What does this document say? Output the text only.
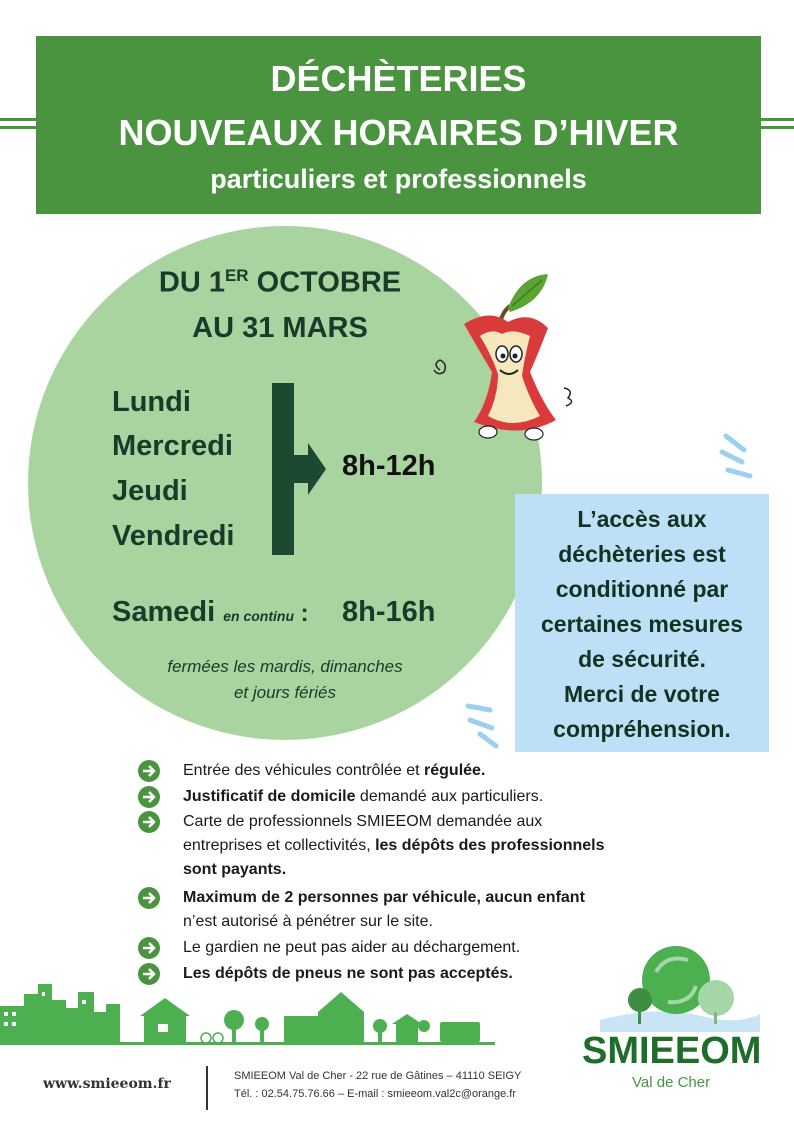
DÉCHÈTERIES
NOUVEAUX HORAIRES D’HIVER
particuliers et professionnels
DU 1ER OCTOBRE
AU 31 MARS
Lundi
Mercredi
Jeudi
Vendredi
8h-12h
Samedi en continu : 8h-16h
fermées les mardis, dimanches
et jours fériés
L’accès aux
déchèteries est
conditionné par
certaines mesures
de sécurité.
Merci de votre
compréhension.
Entrée des véhicules contrôlée et régulée.
Justificatif de domicile demandé aux particuliers.
Carte de professionnels SMIEEOM demandée aux
entreprises et collectivités, les dépôts des professionnels
sont payants.
Maximum de 2 personnes par véhicule, aucun enfant
n’est autorisé à pénétrer sur le site.
Le gardien ne peut pas aider au déchargement.
Les dépôts de pneus ne sont pas acceptés.
SMIEEOM
Val de Cher
www.smieeom.fr	SMIEEOM Val de Cher - 22 rue de Gâtines – 41110 SEIGY
Tél. : 02.54.75.76.66 – E-mail : smieeom.val2c@orange.fr
